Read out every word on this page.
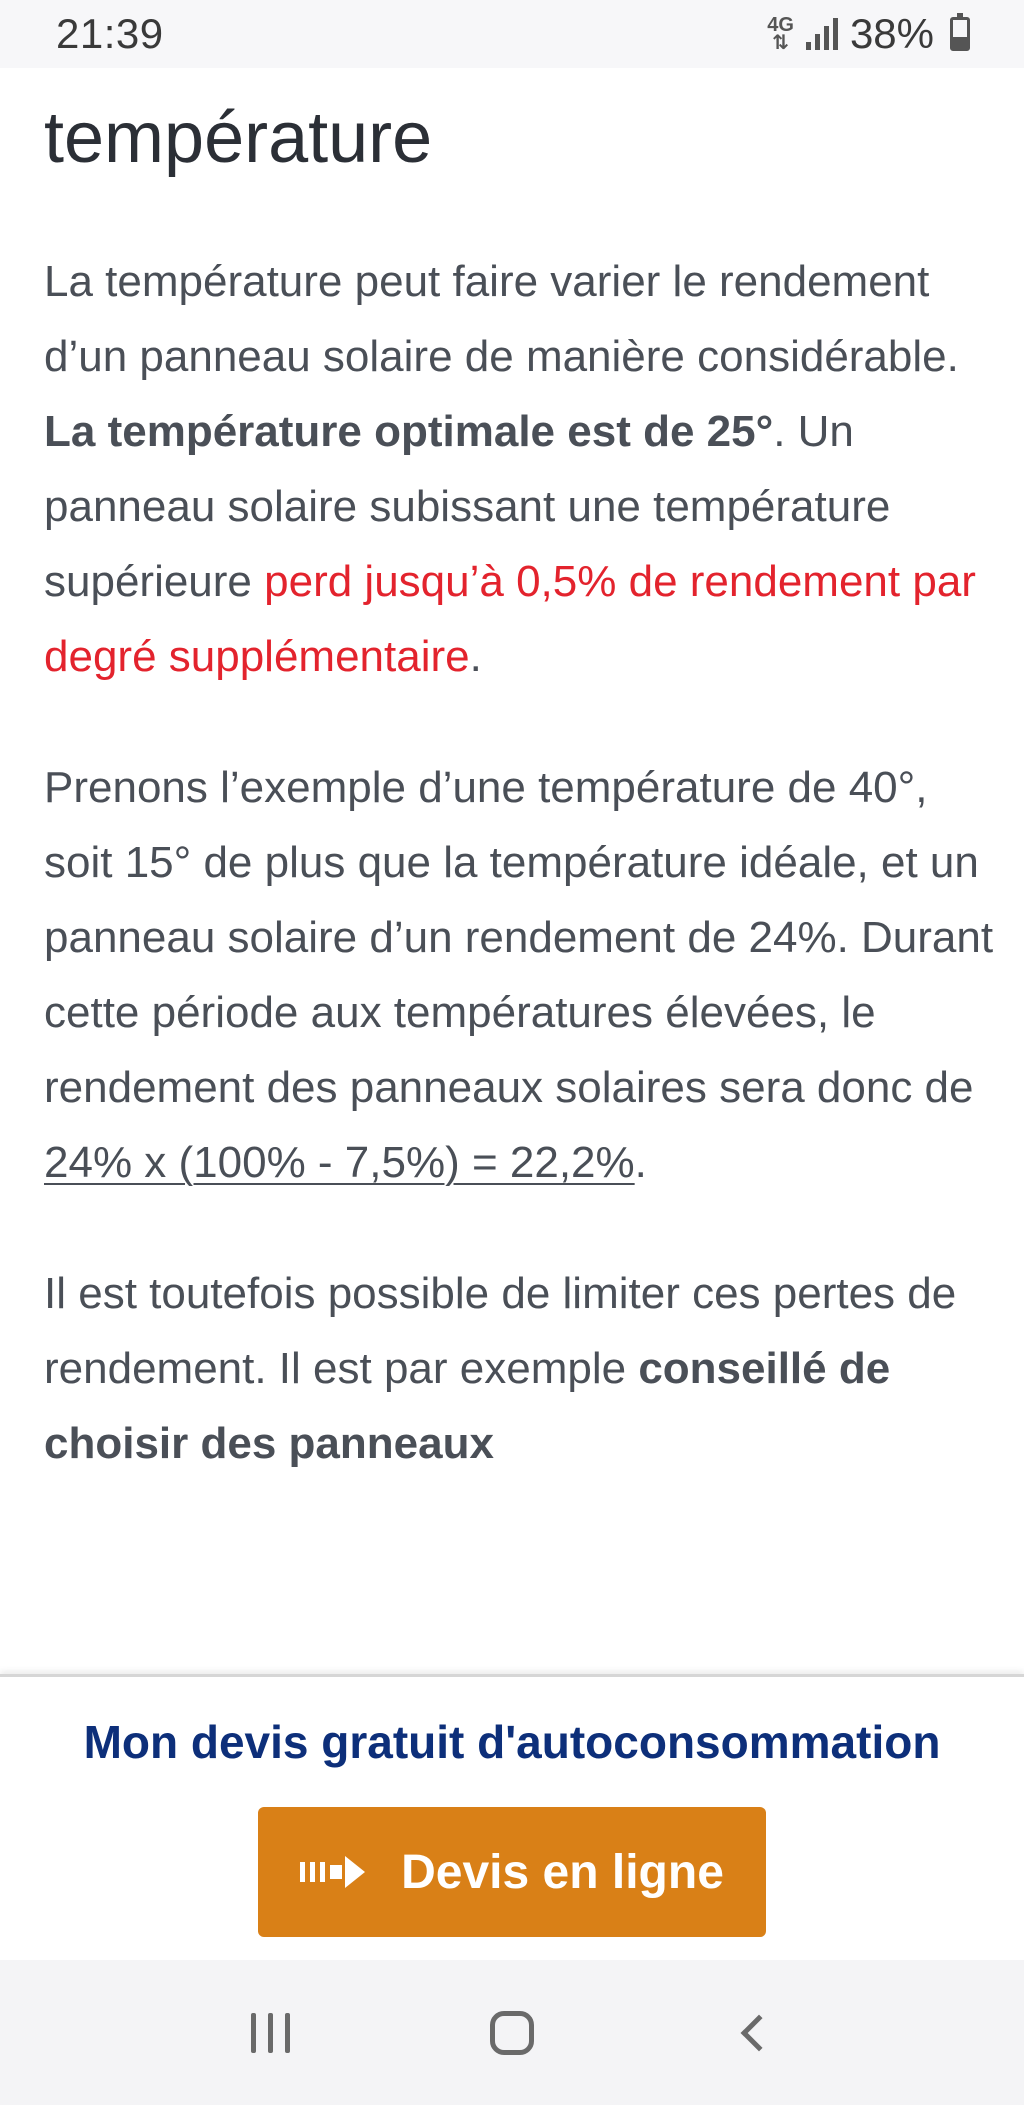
21:39	4G
⇅ 38%
température

La température peut faire varier le rendement d’un panneau solaire de manière considérable. La température optimale est de 25°. Un panneau solaire subissant une température supérieure perd jusqu’à 0,5% de rendement par degré supplémentaire.

Prenons l’exemple d’une température de 40°, soit 15° de plus que la température idéale, et un panneau solaire d’un rendement de 24%. Durant cette période aux températures élevées, le rendement des panneaux solaires sera donc de 24% x (100% - 7,5%) = 22,2%.

Il est toutefois possible de limiter ces pertes de rendement. Il est par exemple conseillé de choisir des panneaux

Mon devis gratuit d'autoconsommation
Devis en ligne
